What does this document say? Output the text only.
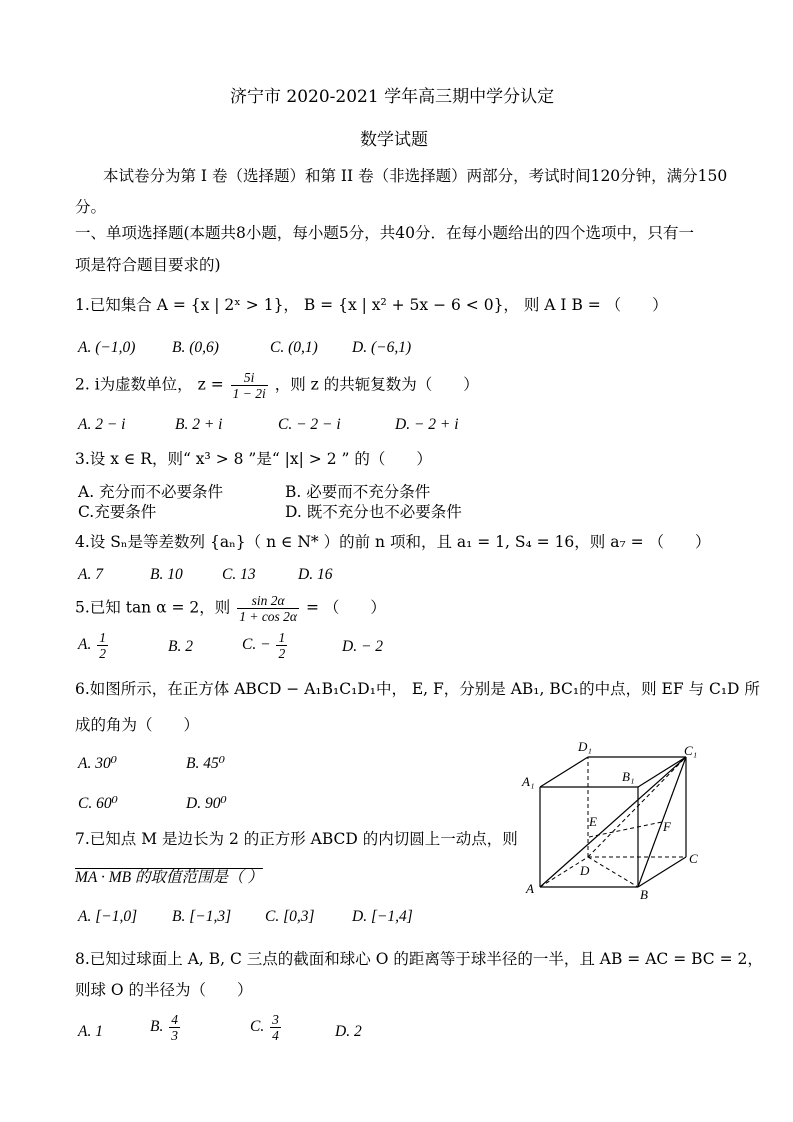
济宁市 2020-2021 学年高三期中学分认定
数学试题
本试卷分为第 I 卷（选择题）和第 II 卷（非选择题）两部分，考试时间120分钟，满分150
分。
一、单项选择题(本题共8小题，每小题5分，共40分．在每小题给出的四个选项中，只有一
项是符合题目要求的)
1.已知集合 A = {x | 2ˣ > 1}， B = {x | x² + 5x − 6 < 0}， 则 A I B = （　　）
A. (−1,0) B. (0,6)	C. (0,1) D. (−6,1)
2. i为虚数单位， $z = \frac{5i}{1 - 2i}$ ，则 z 的共轭复数为（　　）
A. 2 − i	B. 2 + i	C. − 2 − i	D. − 2 + i
3.设 x ∈ R，则“ x³ > 8 ”是“ |x| > 2 ” 的（　　）
A. 充分而不必要条件	B. 必要而不充分条件
C.充要条件	D. 既不充分也不必要条件
4.设 Sₙ是等差数列 {aₙ}（ n ∈ N* ）的前 n 项和，且 a₁ = 1, S₄ = 16，则 a₇ = （　　）
A. 7	B. 10	C. 13	D. 16
5.已知 tan α = 2，则 $\frac{\sin 2\alpha}{1 + \cos 2\alpha}$ = （　　）
A. $\frac{1}{2}$	B. 2	C. − $\frac{1}{2}$	D. − 2
6.如图所示，在正方体 ABCD − A₁B₁C₁D₁中， E, F，分别是 AB₁, BC₁的中点，则 EF 与 C₁D 所
成的角为（　　）
A. 30⁰	B. 45⁰
C. 60⁰	D. 90⁰
D₁	C₁
A₁	B₁
E	F
D
C
A	B
7.已知点 M 是边长为 2 的正方形 ABCD 的内切圆上一动点，则
MA · MB 的取值范围是（ ）
A. [−1,0] B. [−1,3] C. [0,3] D. [−1,4]
8.已知过球面上 A, B, C 三点的截面和球心 O 的距离等于球半径的一半，且 AB = AC = BC = 2，
则球 O 的半径为（　　）
A. 1	B. $\frac{4}{3}$	C. $\frac{3}{4}$	D. 2
